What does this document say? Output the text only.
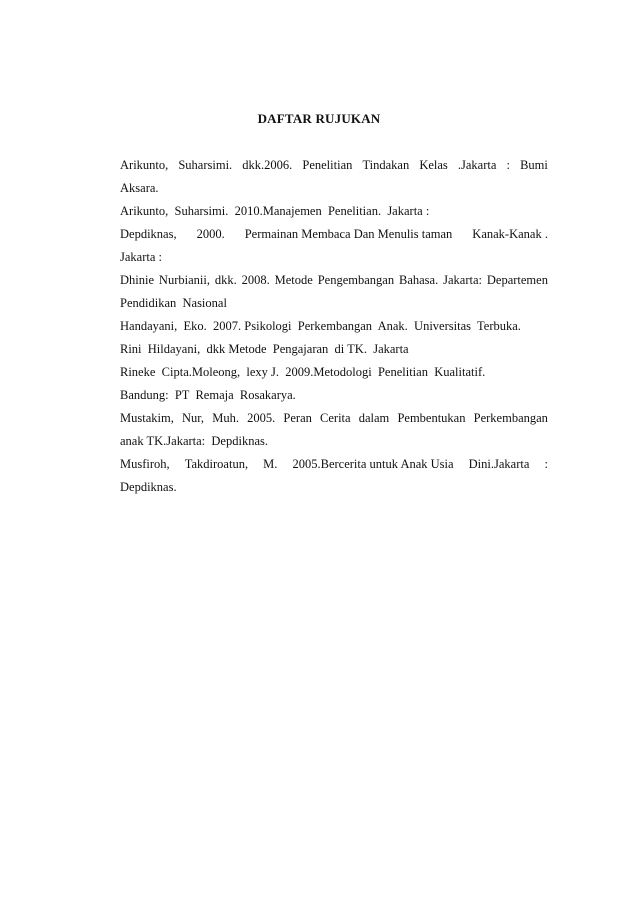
DAFTAR RUJUKAN
Arikunto, Suharsimi. dkk.2006. Penelitian Tindakan Kelas .Jakarta : Bumi
Aksara.
Arikunto,  Suharsimi.  2010.Manajemen  Penelitian.  Jakarta :
Depdiknas, 2000. Permainan Membaca Dan Menulis taman Kanak-Kanak .
Jakarta :
Dhinie Nurbianii, dkk. 2008. Metode Pengembangan Bahasa. Jakarta: Departemen
Pendidikan  Nasional
Handayani,  Eko.  2007. Psikologi  Perkembangan  Anak.  Universitas  Terbuka.
Rini  Hildayani,  dkk Metode  Pengajaran  di TK.  Jakarta
Rineke  Cipta.Moleong,  lexy J.  2009.Metodologi  Penelitian  Kualitatif.
Bandung:  PT  Remaja  Rosakarya.
Mustakim, Nur, Muh. 2005. Peran Cerita dalam Pembentukan Perkembangan
anak TK.Jakarta:  Depdiknas.
Musfiroh, Takdiroatun, M. 2005.Bercerita untuk Anak Usia Dini.Jakarta :
Depdiknas.
